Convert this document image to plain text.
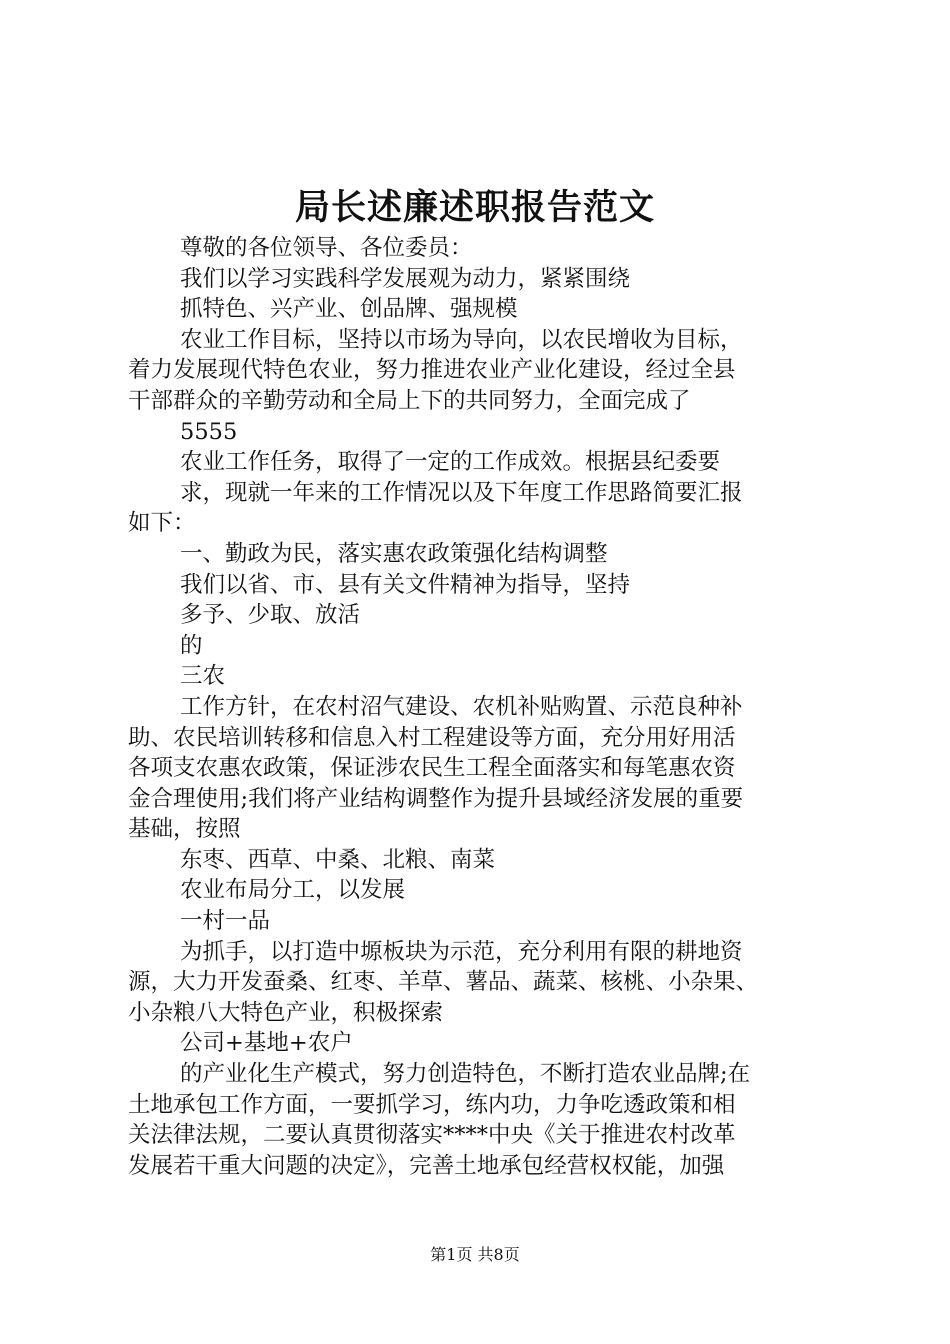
局长述廉述职报告范文
尊敬的各位领导、各位委员：
我们以学习实践科学发展观为动力，紧紧围绕
抓特色、兴产业、创品牌、强规模
农业工作目标，坚持以市场为导向，以农民增收为目标，
着力发展现代特色农业，努力推进农业产业化建设，经过全县
干部群众的辛勤劳动和全局上下的共同努力，全面完成了
5555
农业工作任务，取得了一定的工作成效。根据县纪委要
求，现就一年来的工作情况以及下年度工作思路简要汇报
如下：
一、勤政为民，落实惠农政策强化结构调整
我们以省、市、县有关文件精神为指导，坚持
多予、少取、放活
的
三农
工作方针，在农村沼气建设、农机补贴购置、示范良种补
助、农民培训转移和信息入村工程建设等方面，充分用好用活
各项支农惠农政策，保证涉农民生工程全面落实和每笔惠农资
金合理使用;我们将产业结构调整作为提升县域经济发展的重要
基础，按照
东枣、西草、中桑、北粮、南菜
农业布局分工，以发展
一村一品
为抓手，以打造中塬板块为示范，充分利用有限的耕地资
源，大力开发蚕桑、红枣、羊草、薯品、蔬菜、核桃、小杂果、
小杂粮八大特色产业，积极探索
公司+基地+农户
的产业化生产模式，努力创造特色，不断打造农业品牌;在
土地承包工作方面，一要抓学习，练内功，力争吃透政策和相
关法律法规，二要认真贯彻落实****中央《关于推进农村改革
发展若干重大问题的决定》，完善土地承包经营权权能，加强
第1页 共8页
